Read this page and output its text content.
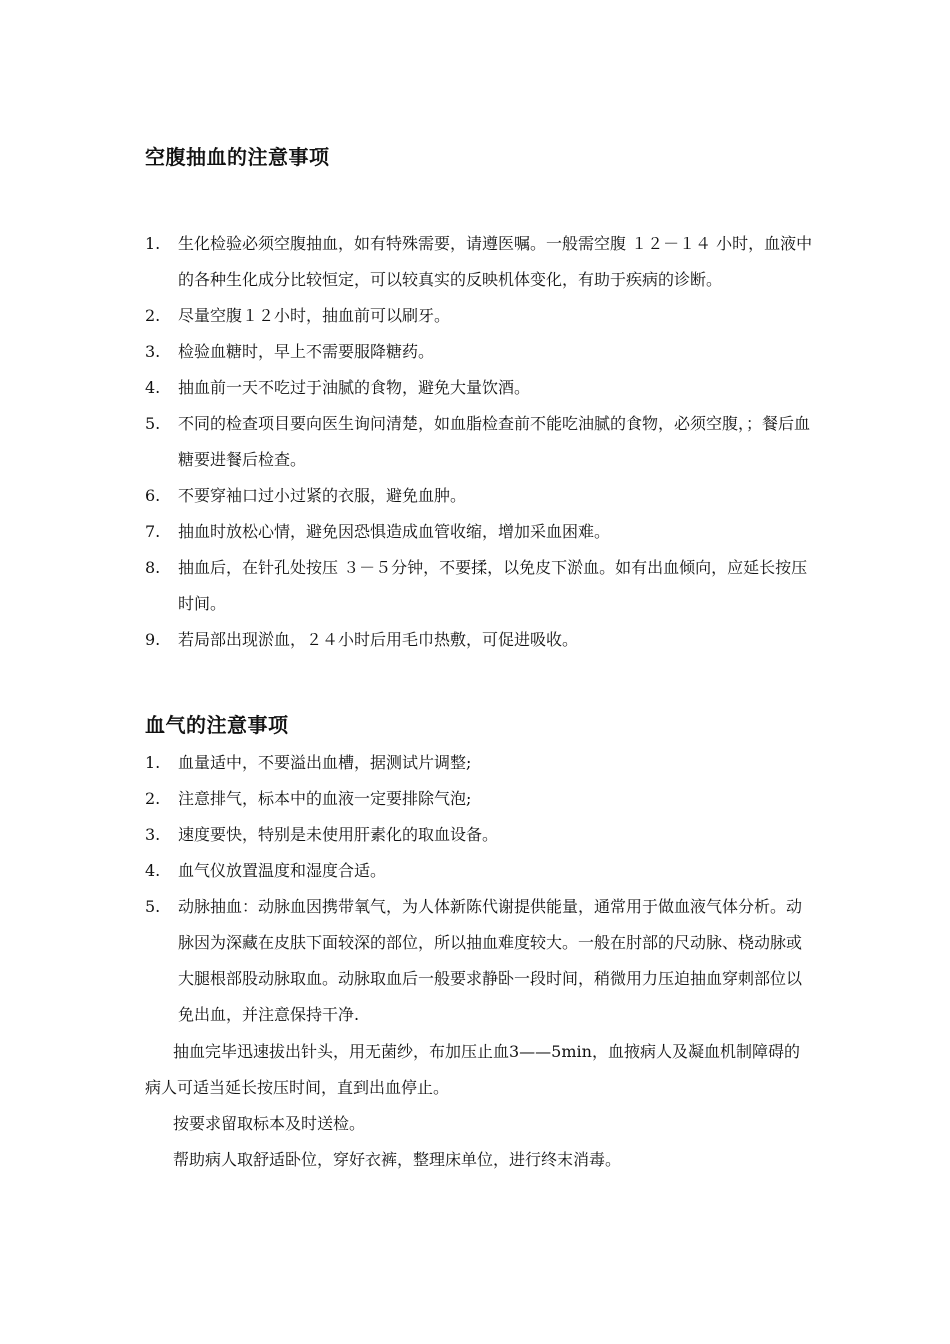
空腹抽血的注意事项
1.	生化检验必须空腹抽血，如有特殊需要，请遵医嘱。一般需空腹 １２－１４ 小时，血液中的各种生化成分比较恒定，可以较真实的反映机体变化，有助于疾病的诊断。
2.	尽量空腹１２小时，抽血前可以刷牙。
3.	检验血糖时，早上不需要服降糖药。
4.	抽血前一天不吃过于油腻的食物，避免大量饮酒。
5.	不同的检查项目要向医生询问清楚，如血脂检查前不能吃油腻的食物，必须空腹，；餐后血糖要进餐后检查。
6.	不要穿袖口过小过紧的衣服，避免血肿。
7.	抽血时放松心情，避免因恐惧造成血管收缩，增加采血困难。
8.	抽血后，在针孔处按压 ３－５分钟，不要揉，以免皮下淤血。如有出血倾向，应延长按压时间。
9.	若局部出现淤血，２４小时后用毛巾热敷，可促进吸收。
血气的注意事项
1.	血量适中，不要溢出血槽，据测试片调整;
2.	注意排气，标本中的血液一定要排除气泡;
3.	速度要快，特别是未使用肝素化的取血设备。
4.	血气仪放置温度和湿度合适。
5.	动脉抽血：动脉血因携带氧气，为人体新陈代谢提供能量，通常用于做血液气体分析。动脉因为深藏在皮肤下面较深的部位，所以抽血难度较大。一般在肘部的尺动脉、桡动脉或大腿根部股动脉取血。动脉取血后一般要求静卧一段时间，稍微用力压迫抽血穿刺部位以免出血，并注意保持干净.

抽血完毕迅速拔出针头，用无菌纱，布加压止血3——5min，血掖病人及凝血机制障碍的病人可适当延长按压时间，直到出血停止。

按要求留取标本及时送检。

帮助病人取舒适卧位，穿好衣裤，整理床单位，进行终末消毒。
